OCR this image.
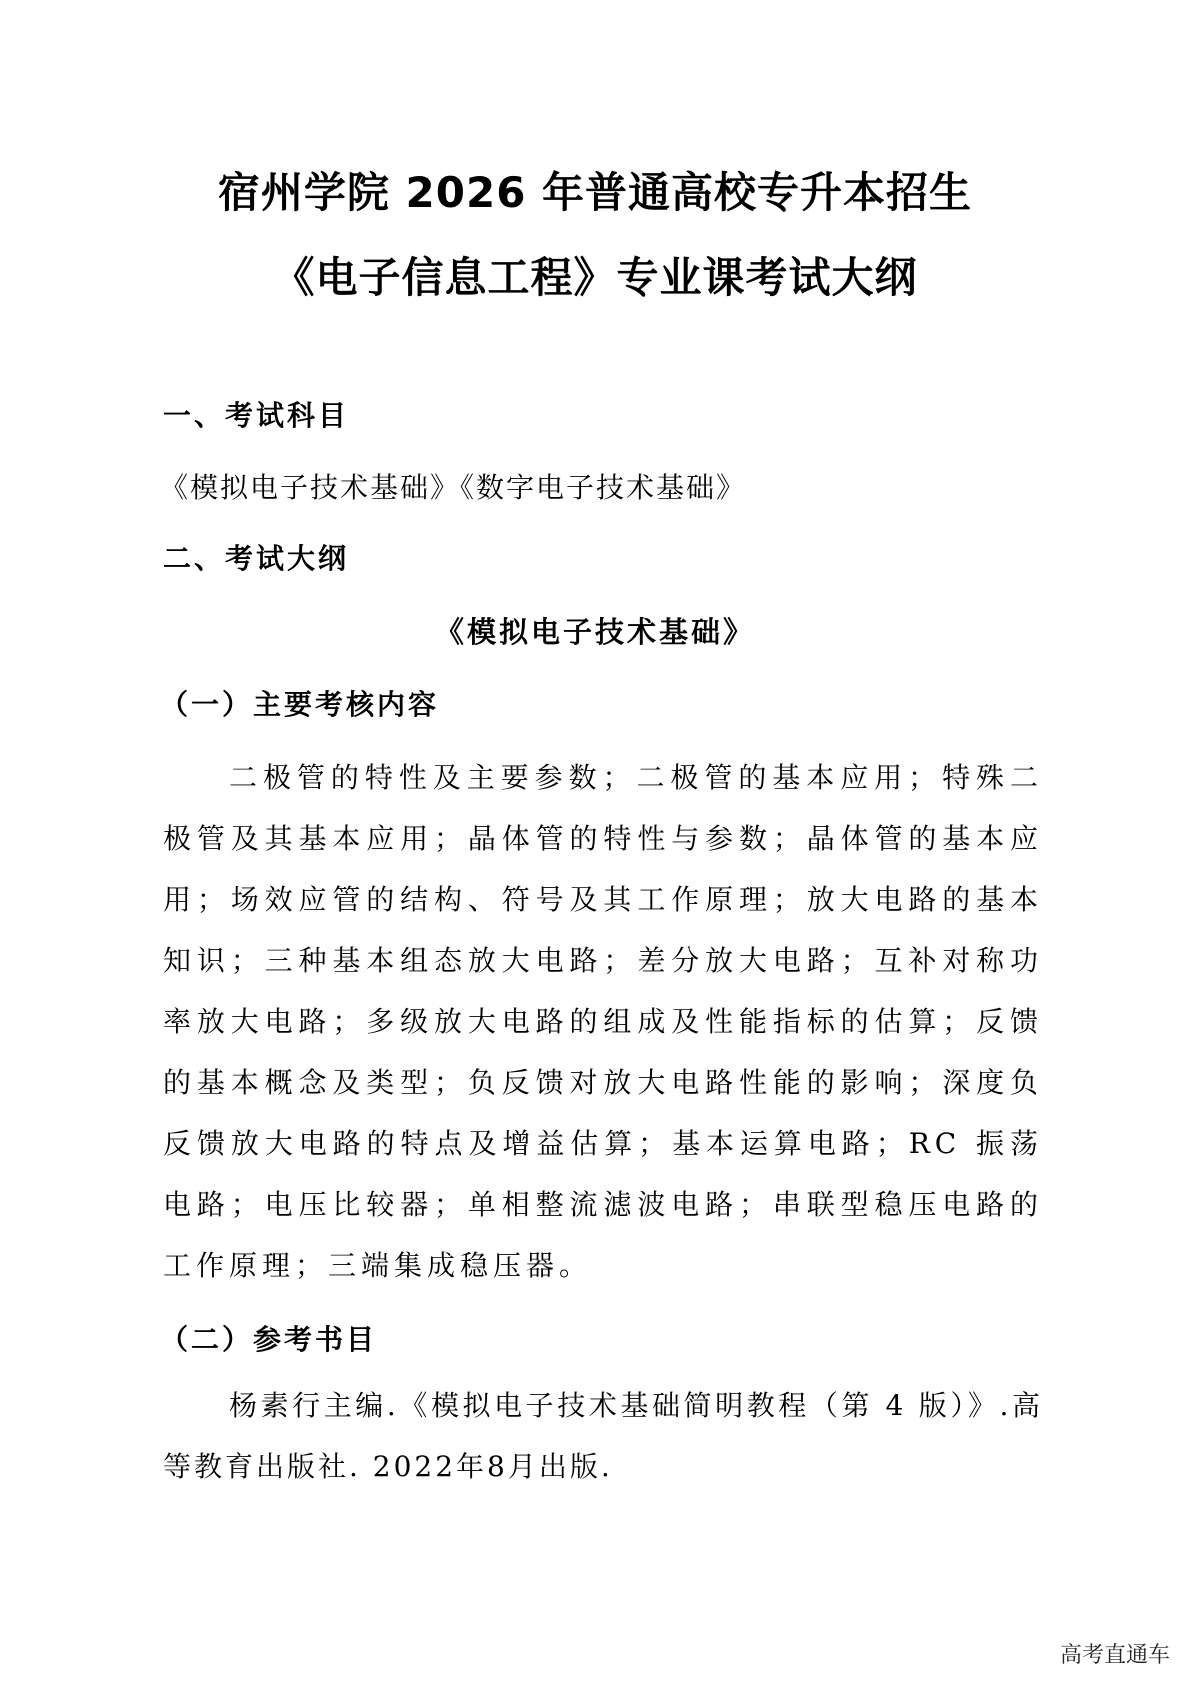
宿州学院 2026 年普通高校专升本招生
《电子信息工程》专业课考试大纲
一、考试科目
《模拟电子技术基础》《数字电子技术基础》
二、考试大纲
《模拟电子技术基础》
（一）主要考核内容
二极管的特性及主要参数；二极管的基本应用；特殊二极管及其基本应用；晶体管的特性与参数；晶体管的基本应用；场效应管的结构、符号及其工作原理；放大电路的基本知识；三种基本组态放大电路；差分放大电路；互补对称功率放大电路；多级放大电路的组成及性能指标的估算；反馈的基本概念及类型；负反馈对放大电路性能的影响；深度负反馈放大电路的特点及增益估算；基本运算电路；RC 振荡电路；电压比较器；单相整流滤波电路；串联型稳压电路的工作原理；三端集成稳压器。
（二）参考书目
杨素行主编.《模拟电子技术基础简明教程（第 4 版）》.高等教育出版社. 2022年8月出版.
高考直通车
